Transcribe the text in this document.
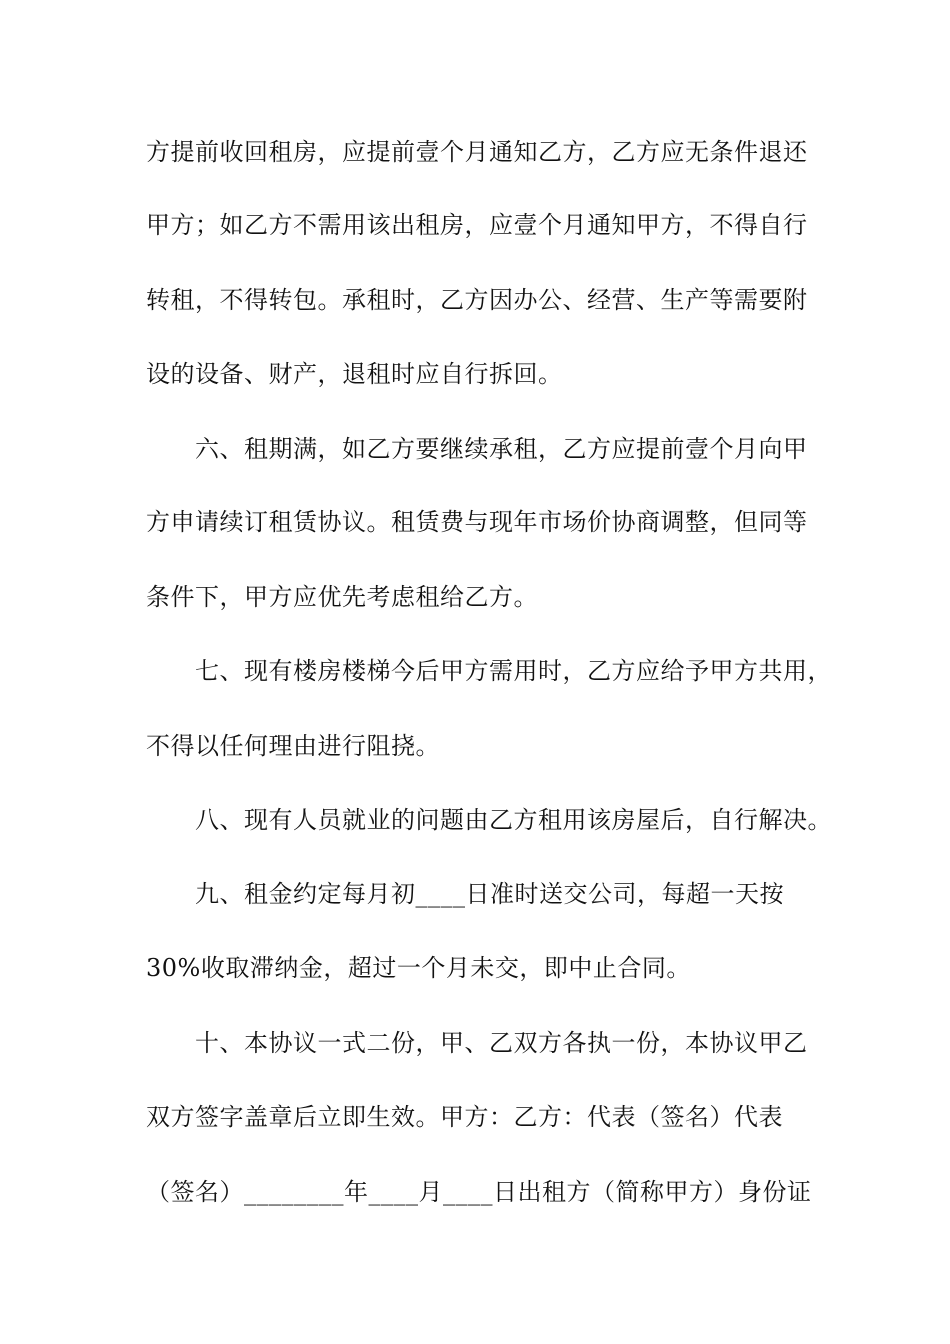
方提前收回租房，应提前壹个月通知乙方，乙方应无条件退还
甲方；如乙方不需用该出租房，应壹个月通知甲方，不得自行
转租，不得转包。承租时，乙方因办公、经营、生产等需要附
设的设备、财产，退租时应自行拆回。
　　六、租期满，如乙方要继续承租，乙方应提前壹个月向甲
方申请续订租赁协议。租赁费与现年市场价协商调整，但同等
条件下，甲方应优先考虑租给乙方。
　　七、现有楼房楼梯今后甲方需用时，乙方应给予甲方共用，
不得以任何理由进行阻挠。
　　八、现有人员就业的问题由乙方租用该房屋后，自行解决。
　　九、租金约定每月初____日准时送交公司，每超一天按
30%收取滞纳金，超过一个月未交，即中止合同。
　　十、本协议一式二份，甲、乙双方各执一份，本协议甲乙
双方签字盖章后立即生效。甲方：乙方：代表（签名）代表
（签名）________年____月____日出租方（简称甲方）身份证
